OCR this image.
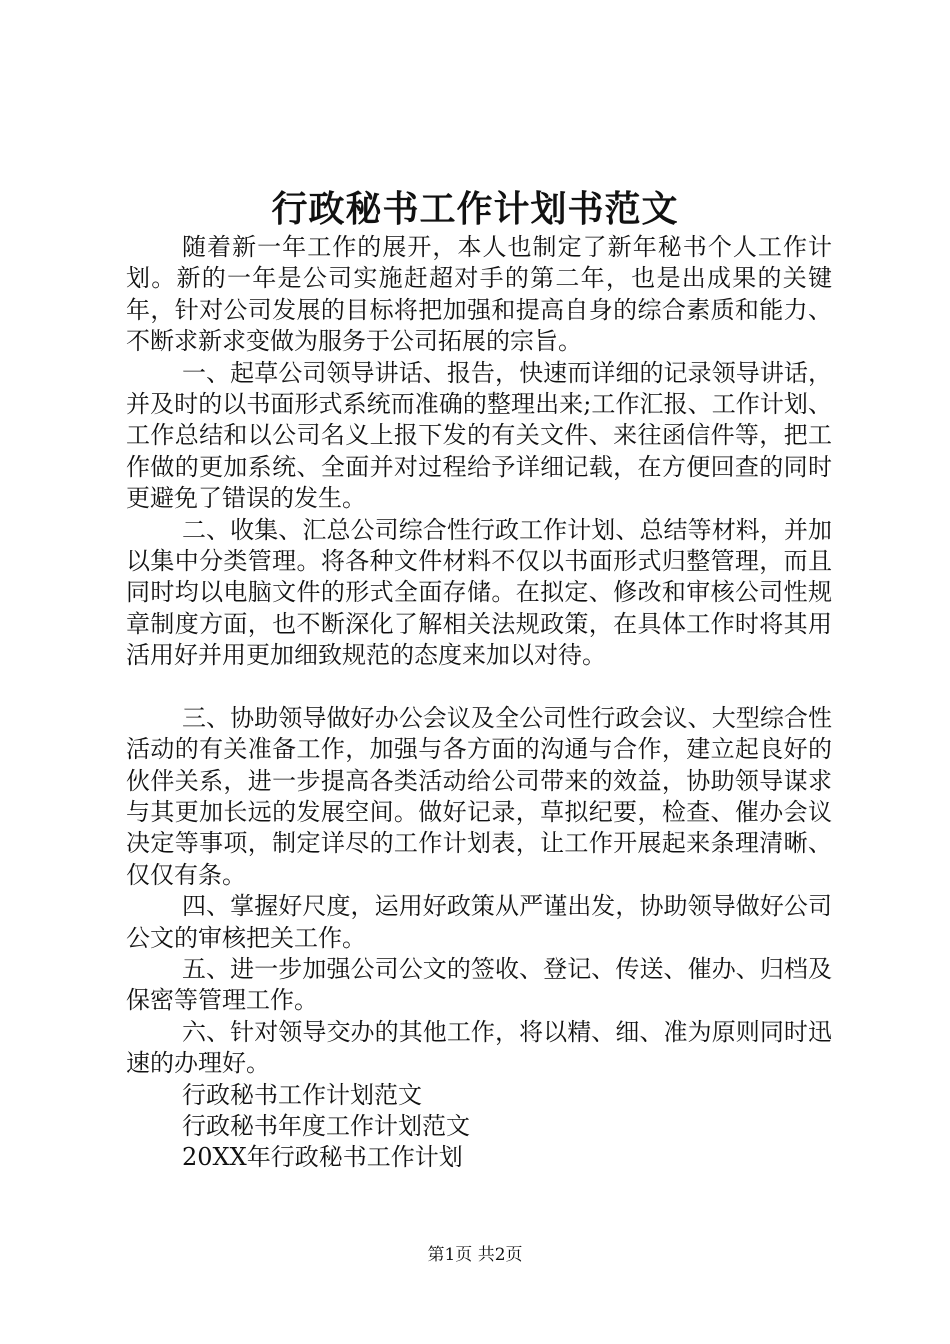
行政秘书工作计划书范文

随着新一年工作的展开，本人也制定了新年秘书个人工作计划。新的一年是公司实施赶超对手的第二年，也是出成果的关键年，针对公司发展的目标将把加强和提高自身的综合素质和能力、不断求新求变做为服务于公司拓展的宗旨。

一、起草公司领导讲话、报告，快速而详细的记录领导讲话，并及时的以书面形式系统而准确的整理出来;工作汇报、工作计划、工作总结和以公司名义上报下发的有关文件、来往函信件等，把工作做的更加系统、全面并对过程给予详细记载，在方便回查的同时更避免了错误的发生。

二、收集、汇总公司综合性行政工作计划、总结等材料，并加以集中分类管理。将各种文件材料不仅以书面形式归整管理，而且同时均以电脑文件的形式全面存储。在拟定、修改和审核公司性规章制度方面，也不断深化了解相关法规政策，在具体工作时将其用活用好并用更加细致规范的态度来加以对待。

三、协助领导做好办公会议及全公司性行政会议、大型综合性活动的有关准备工作，加强与各方面的沟通与合作，建立起良好的伙伴关系，进一步提高各类活动给公司带来的效益，协助领导谋求与其更加长远的发展空间。做好记录，草拟纪要，检查、催办会议决定等事项，制定详尽的工作计划表，让工作开展起来条理清晰、仅仅有条。

四、掌握好尺度，运用好政策从严谨出发，协助领导做好公司公文的审核把关工作。

五、进一步加强公司公文的签收、登记、传送、催办、归档及保密等管理工作。

六、针对领导交办的其他工作，将以精、细、准为原则同时迅速的办理好。

行政秘书工作计划范文

行政秘书年度工作计划范文

20XX年行政秘书工作计划

第1页 共2页
